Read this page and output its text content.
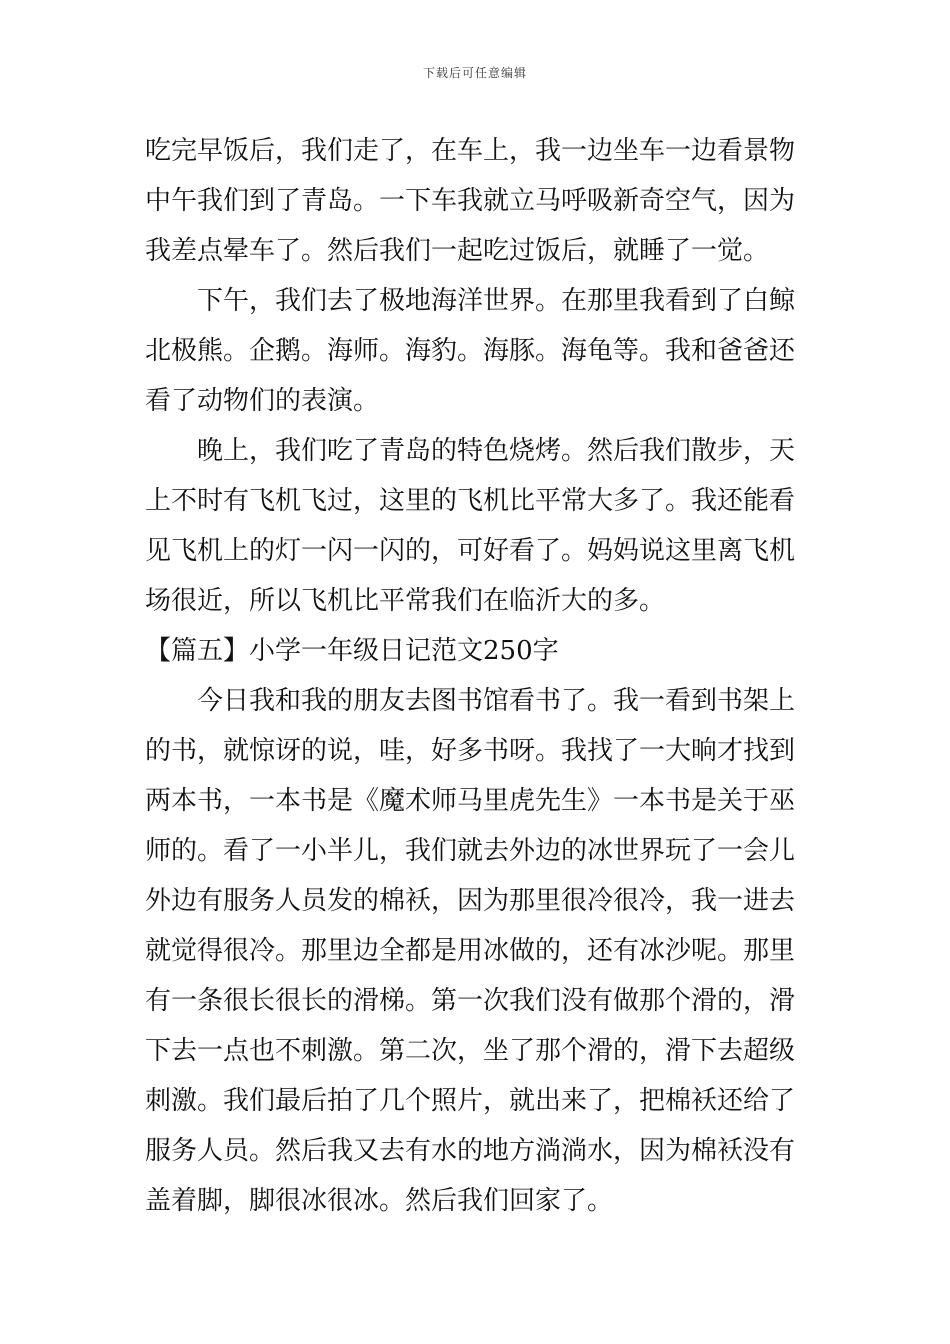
下载后可任意编辑
吃完早饭后，我们走了，在车上，我一边坐车一边看景物
中午我们到了青岛。一下车我就立马呼吸新奇空气，因为
我差点晕车了。然后我们一起吃过饭后，就睡了一觉。
下午，我们去了极地海洋世界。在那里我看到了白鲸
北极熊。企鹅。海师。海豹。海豚。海龟等。我和爸爸还
看了动物们的表演。
晚上，我们吃了青岛的特色烧烤。然后我们散步，天
上不时有飞机飞过，这里的飞机比平常大多了。我还能看
见飞机上的灯一闪一闪的，可好看了。妈妈说这里离飞机
场很近，所以飞机比平常我们在临沂大的多。
【篇五】小学一年级日记范文250字
今日我和我的朋友去图书馆看书了。我一看到书架上
的书，就惊讶的说，哇，好多书呀。我找了一大晌才找到
两本书，一本书是《魔术师马里虎先生》一本书是关于巫
师的。看了一小半儿，我们就去外边的冰世界玩了一会儿
外边有服务人员发的棉袄，因为那里很冷很冷，我一进去
就觉得很冷。那里边全都是用冰做的，还有冰沙呢。那里
有一条很长很长的滑梯。第一次我们没有做那个滑的，滑
下去一点也不刺激。第二次，坐了那个滑的，滑下去超级
刺激。我们最后拍了几个照片，就出来了，把棉袄还给了
服务人员。然后我又去有水的地方淌淌水，因为棉袄没有
盖着脚，脚很冰很冰。然后我们回家了。
